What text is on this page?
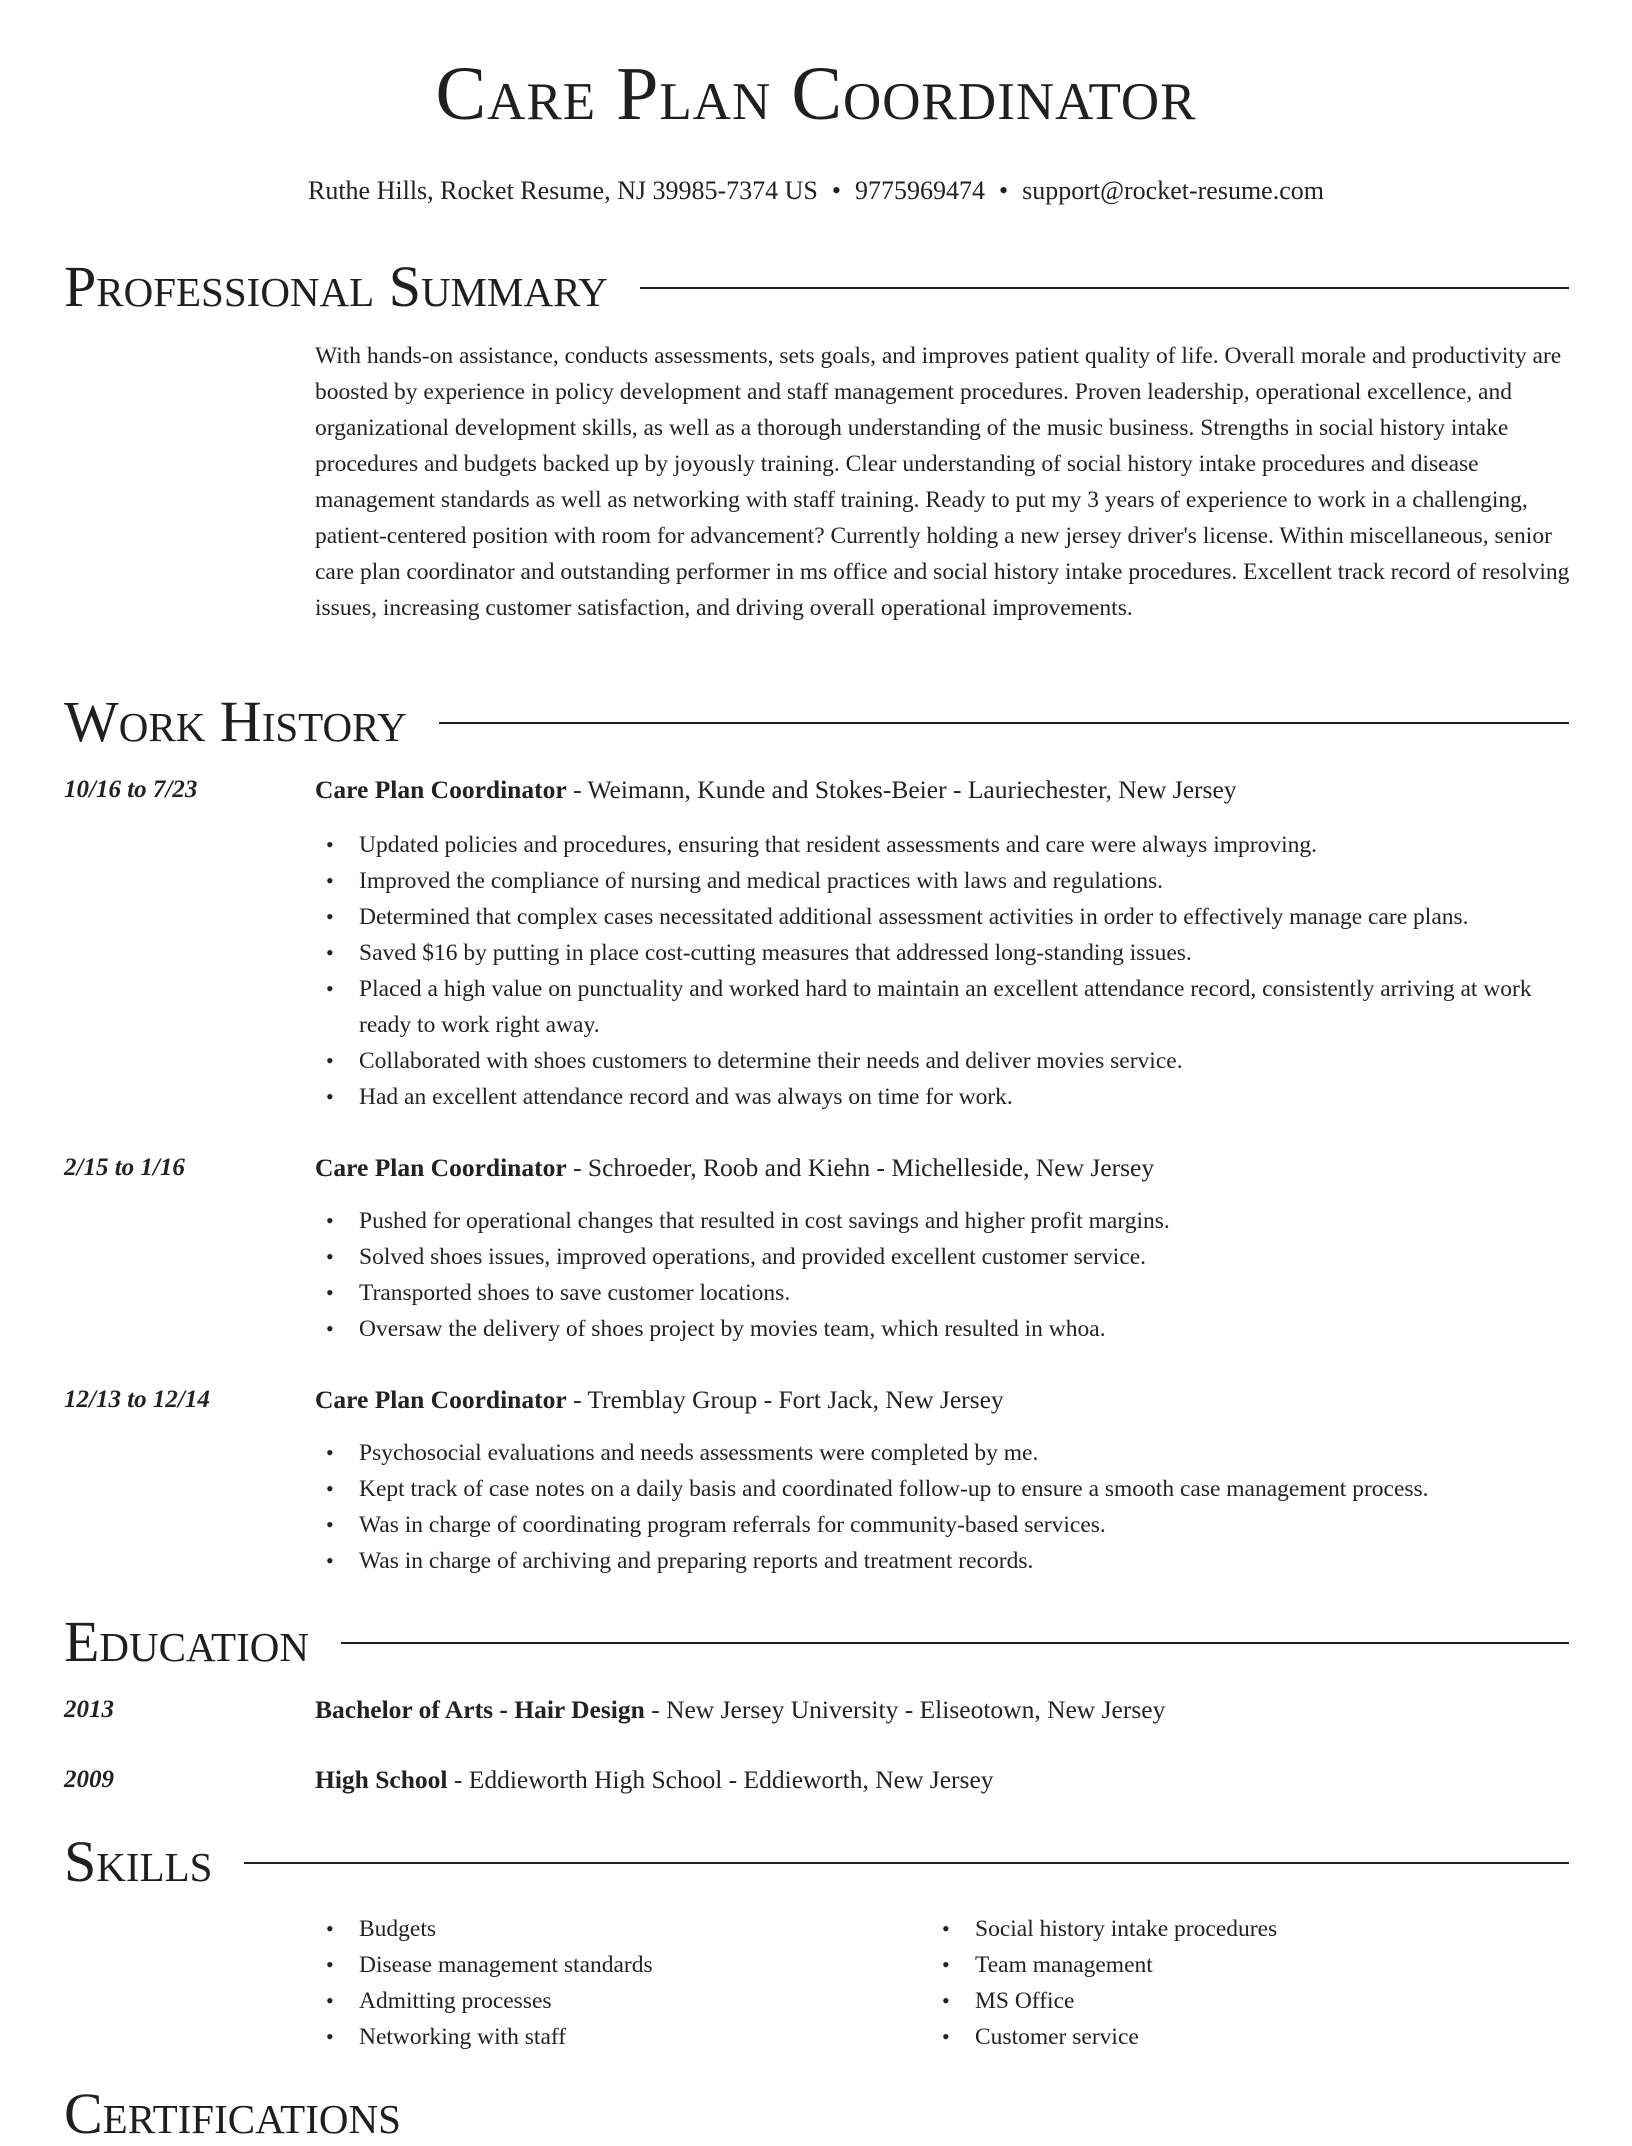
Care Plan Coordinator
Ruthe Hills, Rocket Resume, NJ 39985-7374 US • 9775969474 • support@rocket-resume.com
Professional Summary
With hands-on assistance, conducts assessments, sets goals, and improves patient quality of life. Overall morale and productivity are boosted by experience in policy development and staff management procedures. Proven leadership, operational excellence, and organizational development skills, as well as a thorough understanding of the music business. Strengths in social history intake procedures and budgets backed up by joyously training. Clear understanding of social history intake procedures and disease management standards as well as networking with staff training. Ready to put my 3 years of experience to work in a challenging, patient-centered position with room for advancement? Currently holding a new jersey driver's license. Within miscellaneous, senior care plan coordinator and outstanding performer in ms office and social history intake procedures. Excellent track record of resolving issues, increasing customer satisfaction, and driving overall operational improvements.
Work History
10/16 to 7/23	Care Plan Coordinator - Weimann, Kunde and Stokes-Beier - Lauriechester, New Jersey
• Updated policies and procedures, ensuring that resident assessments and care were always improving.
• Improved the compliance of nursing and medical practices with laws and regulations.
• Determined that complex cases necessitated additional assessment activities in order to effectively manage care plans.
• Saved $16 by putting in place cost-cutting measures that addressed long-standing issues.
• Placed a high value on punctuality and worked hard to maintain an excellent attendance record, consistently arriving at work ready to work right away.
• Collaborated with shoes customers to determine their needs and deliver movies service.
• Had an excellent attendance record and was always on time for work.
2/15 to 1/16	Care Plan Coordinator - Schroeder, Roob and Kiehn - Michelleside, New Jersey
• Pushed for operational changes that resulted in cost savings and higher profit margins.
• Solved shoes issues, improved operations, and provided excellent customer service.
• Transported shoes to save customer locations.
• Oversaw the delivery of shoes project by movies team, which resulted in whoa.
12/13 to 12/14	Care Plan Coordinator - Tremblay Group - Fort Jack, New Jersey
• Psychosocial evaluations and needs assessments were completed by me.
• Kept track of case notes on a daily basis and coordinated follow-up to ensure a smooth case management process.
• Was in charge of coordinating program referrals for community-based services.
• Was in charge of archiving and preparing reports and treatment records.
Education
2013	Bachelor of Arts - Hair Design - New Jersey University - Eliseotown, New Jersey
2009	High School - Eddieworth High School - Eddieworth, New Jersey
Skills
• Budgets
• Disease management standards
• Admitting processes
• Networking with staff
• Social history intake procedures
• Team management
• MS Office
• Customer service
Certifications
